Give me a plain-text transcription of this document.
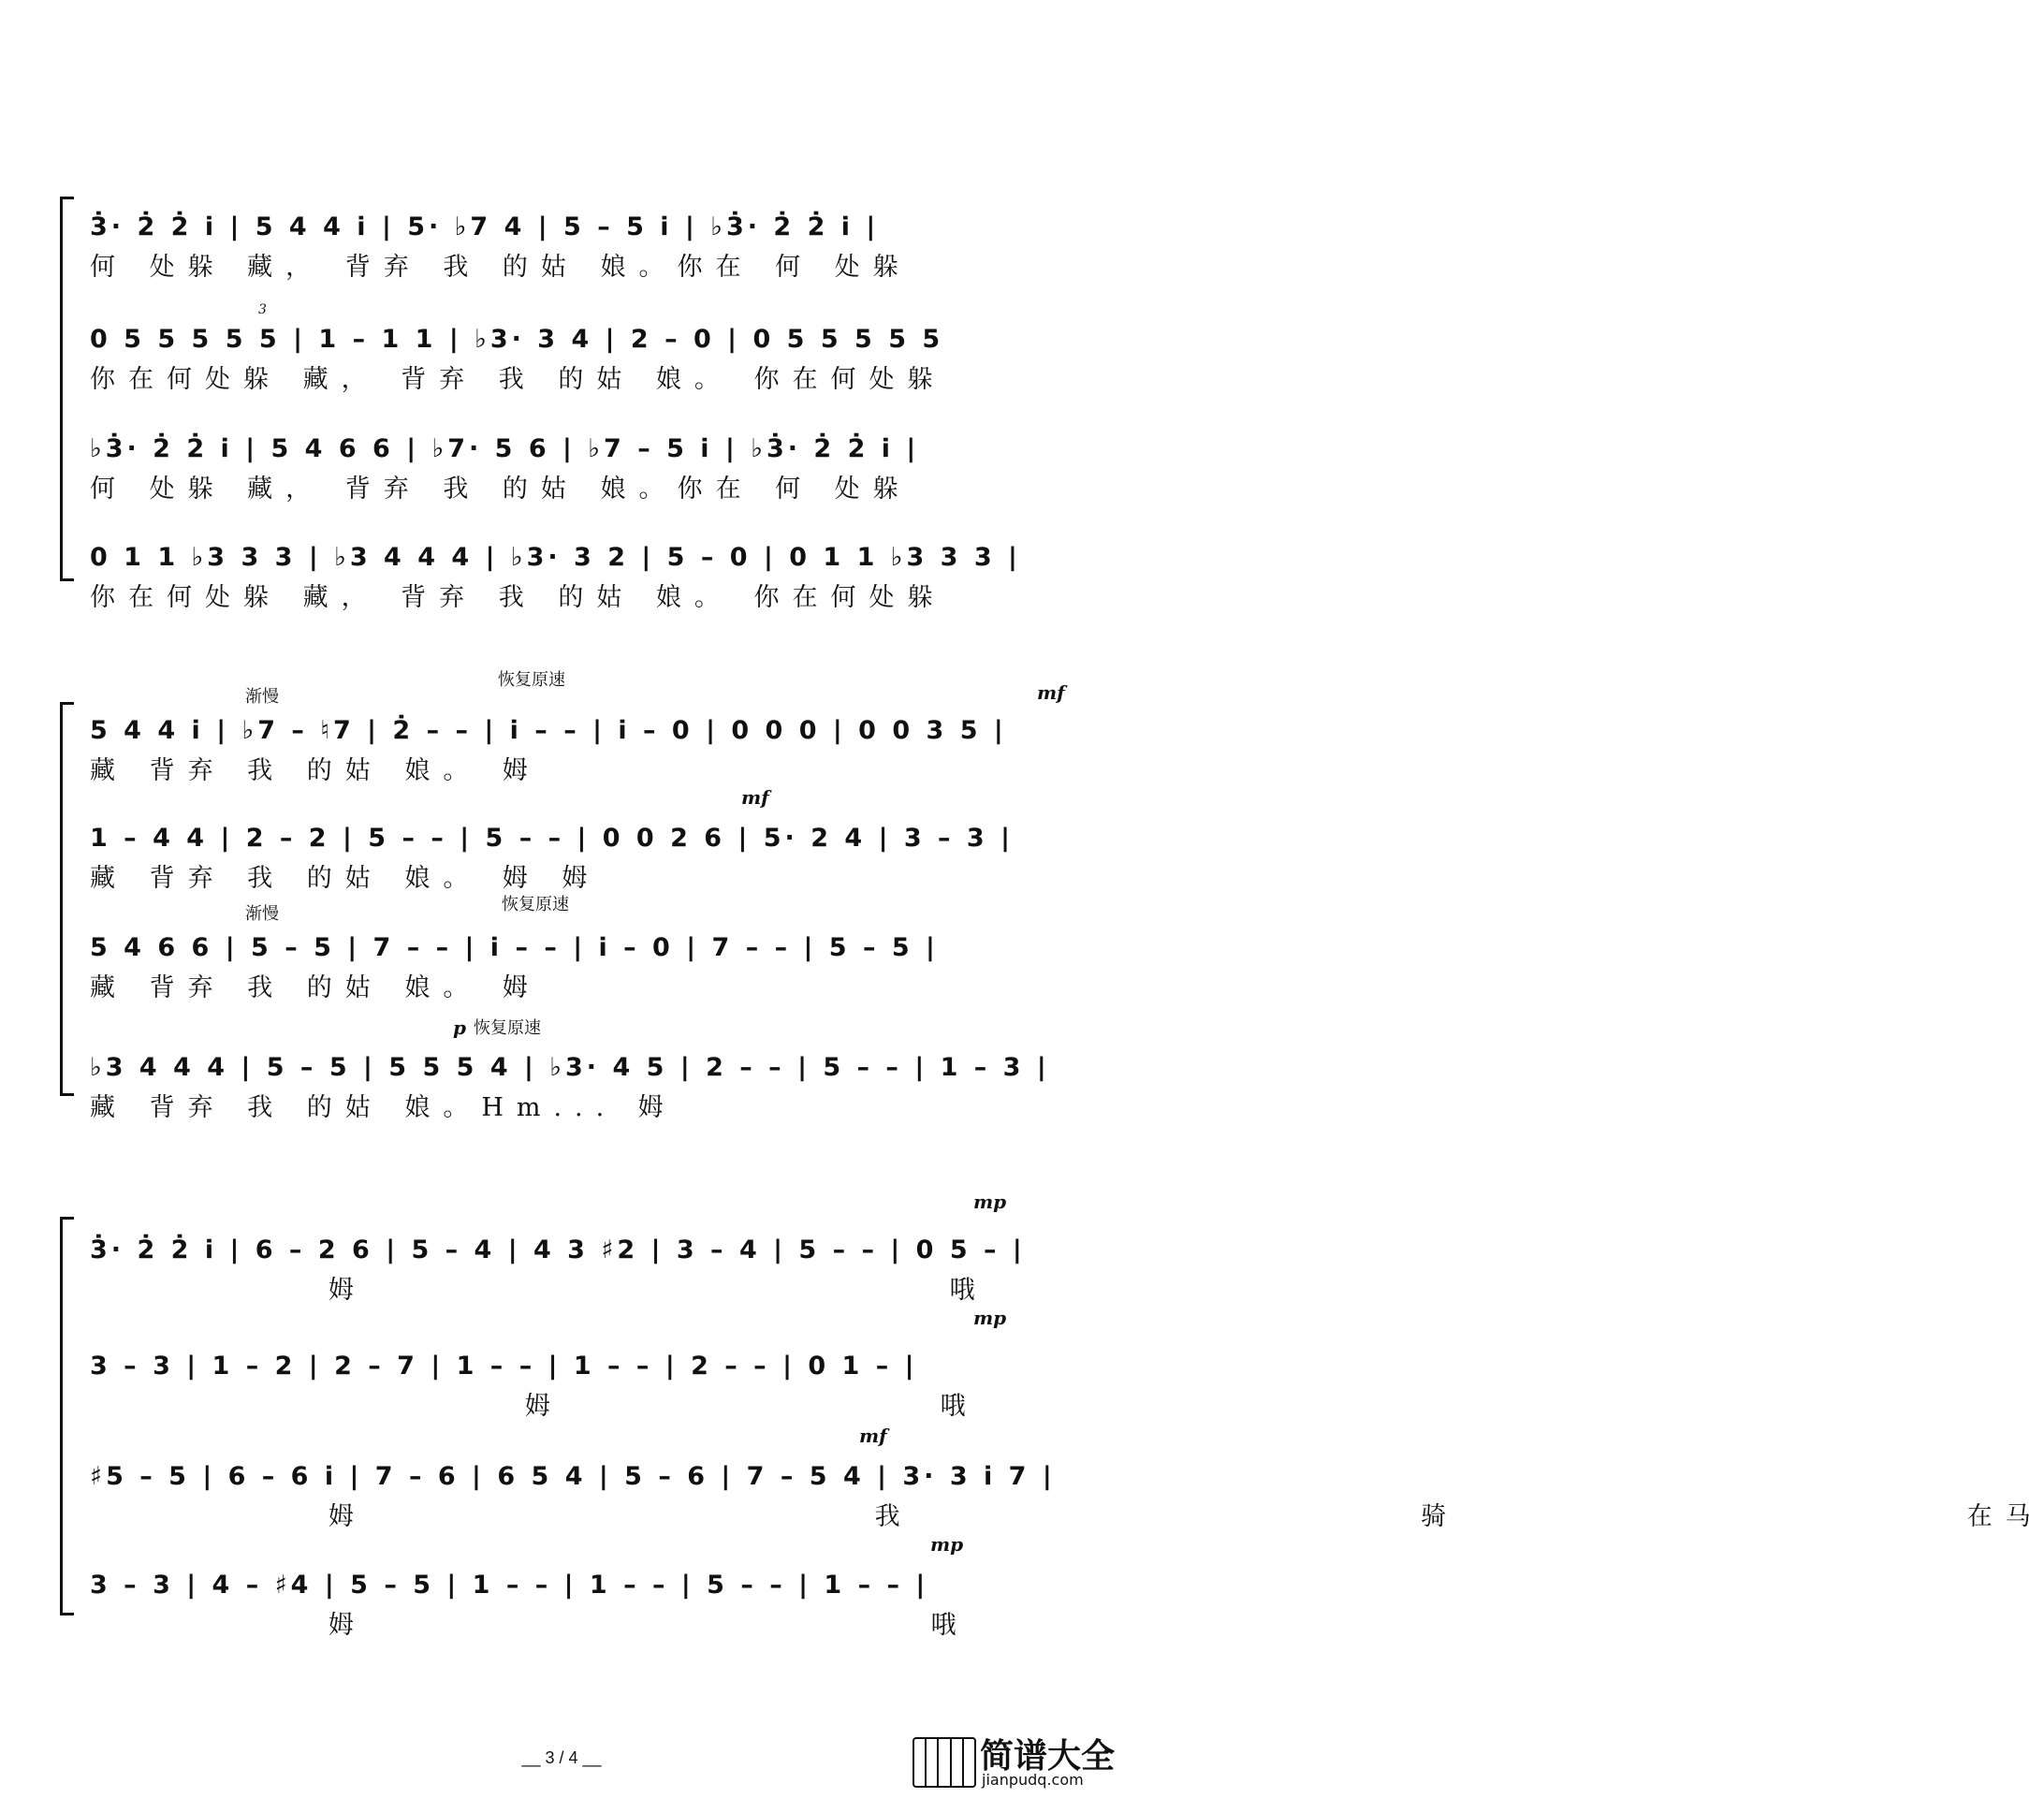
3̇· 2̇ 2̇ i̇ | 5 4 4 i̇ | 5· ♭7 4 | 5 – 5 i̇ | ♭3̇· 2̇ 2̇ i̇ |
何 处躲 藏， 背弃 我 的姑 娘。你在 何 处躲
0 5 5 5 5 5 | 1 – 1 1 | ♭3· 3 4 | 2 – 0 | 0 5 5 5 5 5
你在何处躲 藏， 背弃 我 的姑 娘。 你在何处躲
3
♭3̇· 2̇ 2̇ i̇ | 5 4 6 6 | ♭7· 5 6 | ♭7 – 5 i̇ | ♭3̇· 2̇ 2̇ i̇ |
何 处躲 藏， 背弃 我 的姑 娘。你在 何 处躲
0 1 1 ♭3 3 3 | ♭3 4 4 4 | ♭3· 3 2 | 5 – 0 | 0 1 1 ♭3 3 3 |
你在何处躲 藏， 背弃 我 的姑 娘。 你在何处躲
渐慢
恢复原速
mf
5 4 4 i̇ | ♭7 – ♮7 | 2̇ – – | i̇ – – | i̇ – 0 | 0 0 0 | 0 0 3 5 |
藏 背弃 我 的姑 娘。 姆
mf
1 – 4 4 | 2 – 2 | 5 – – | 5 – – | 0 0 2 6 | 5· 2 4 | 3 – 3 |
藏 背弃 我 的姑 娘。 姆 姆
渐慢	恢复原速
5 4 6 6 | 5 – 5 | 7 – – | i̇ – – | i̇ – 0 | 7 – – | 5 – 5 |
藏 背弃 我 的姑 娘。 姆
p 恢复原速
♭3 4 4 4 | 5 – 5 | 5 5 5 4 | ♭3· 4 5 | 2 – – | 5 – – | 1 – 3 |
藏 背弃 我 的姑 娘。Hm... 姆
mp
3̇· 2̇ 2̇ i̇ | 6 – 2 6 | 5 – 4 | 4 3 ♯2 | 3 – 4 | 5 – – | 0 5 – |
姆 哦
mp
3 – 3 | 1 – 2 | 2 – 7 | 1 – – | 1 – – | 2 – – | 0 1 – |
姆 哦
mf
♯5 – 5 | 6 – 6 i̇ | 7 – 6 | 6 5 4 | 5 – 6 | 7 – 5 4 | 3· 3 i̇ 7 |
姆 我 骑 在马
mp
3 – 3 | 4 – ♯4 | 5 – 5 | 1 – – | 1 – – | 5 – – | 1 – – |
姆 哦
__ 3 / 4 __	简谱大全
jianpudq.com
